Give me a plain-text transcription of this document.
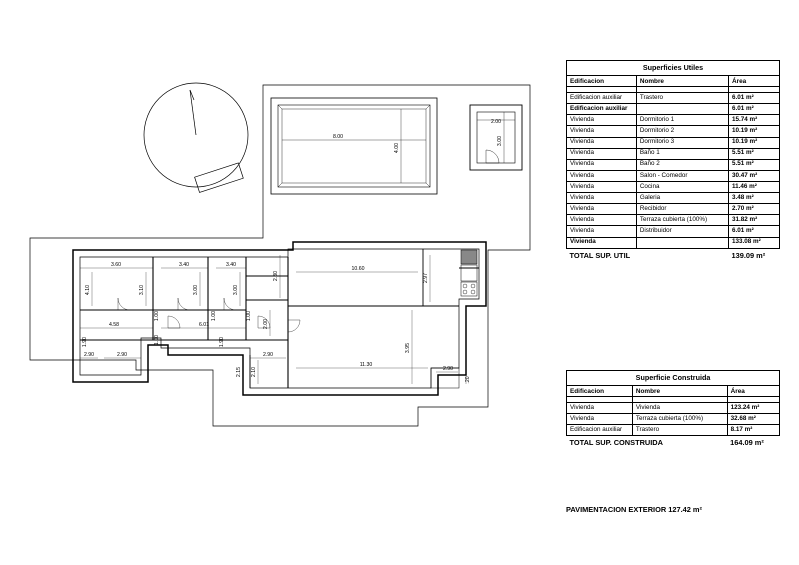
8.00
4.00
2.00
3.00
3.60	3.40	3.40
4.10	3.10	3.00	3.00
4.58	6.01
2.90	2.90	2.90
1.90	1.90
1.00
1.00
1.00	1.00
10.60
11.30
3.95
2.97
2.30
2.00
2.10
2.15	2.90
.20
Superficies Utiles		
Edificacion	Nombre	Área

Edificacion auxiliar	Trastero	6.01 m²
Edificacion auxiliar		6.01 m²
Vivienda	Dormitorio 1	15.74 m²
Vivienda	Dormitorio 2	10.19 m²
Vivienda	Dormitorio 3	10.19 m²
Vivienda	Baño 1	5.51 m²
Vivienda	Baño 2	5.51 m²
Vivienda	Salon - Comedor	30.47 m²
Vivienda	Cocina	11.46 m²
Vivienda	Galeria	3.48 m²
Vivienda	Recibidor	2.70 m²
Vivienda	Terraza cubierta (100%)	31.82 m²
Vivienda	Distribuidor	6.01 m²
Vivienda		133.08 m²
TOTAL SUP. UTIL		139.09 m²
Superficie Construida		
Edificacion	Nombre	Área

Vivienda	Vivienda	123.24 m²
Vivienda	Terraza cubierta (100%)	32.68 m²
Edificacion auxiliar	Trastero	8.17 m²
TOTAL SUP. CONSTRUIDA		164.09 m²
PAVIMENTACION EXTERIOR 127.42 m²
